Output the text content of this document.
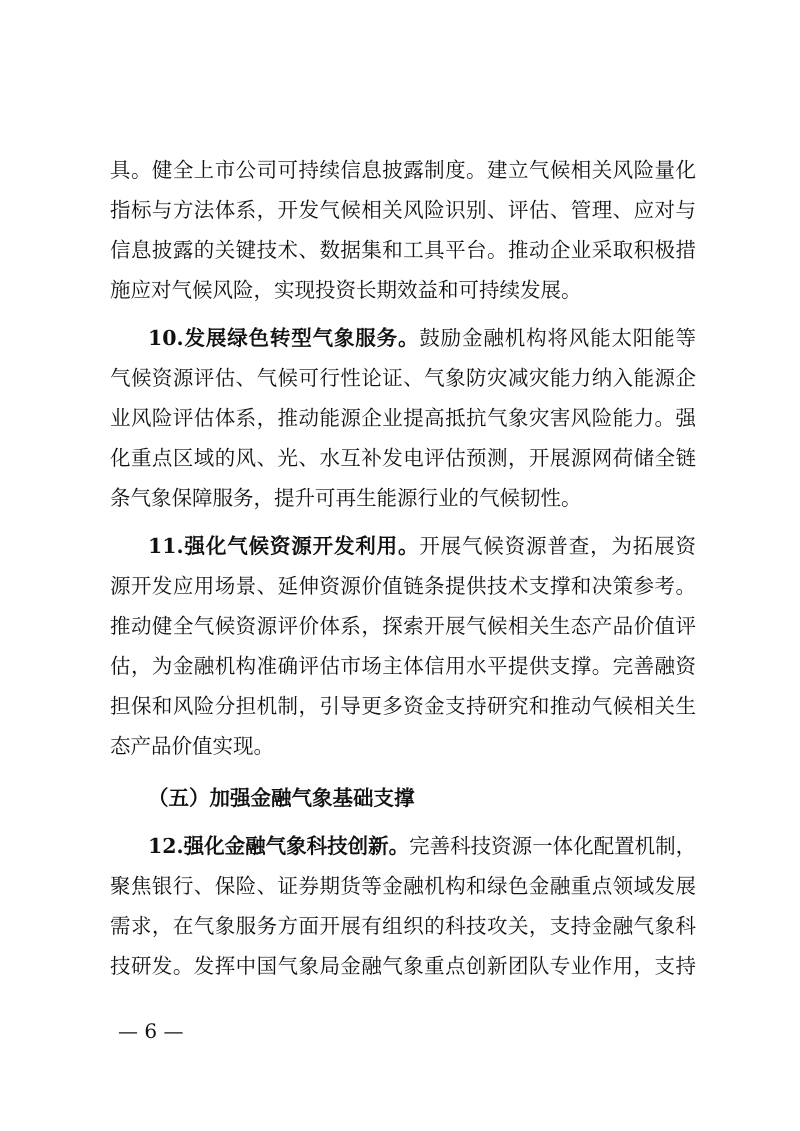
具。健全上市公司可持续信息披露制度。建立气候相关风险量化
指标与方法体系，开发气候相关风险识别、评估、管理、应对与
信息披露的关键技术、数据集和工具平台。推动企业采取积极措
施应对气候风险，实现投资长期效益和可持续发展。
10.发展绿色转型气象服务。鼓励金融机构将风能太阳能等
气候资源评估、气候可行性论证、气象防灾减灾能力纳入能源企
业风险评估体系，推动能源企业提高抵抗气象灾害风险能力。强
化重点区域的风、光、水互补发电评估预测，开展源网荷储全链
条气象保障服务，提升可再生能源行业的气候韧性。
11.强化气候资源开发利用。开展气候资源普查，为拓展资
源开发应用场景、延伸资源价值链条提供技术支撑和决策参考。
推动健全气候资源评价体系，探索开展气候相关生态产品价值评
估，为金融机构准确评估市场主体信用水平提供支撑。完善融资
担保和风险分担机制，引导更多资金支持研究和推动气候相关生
态产品价值实现。
（五）加强金融气象基础支撑
12.强化金融气象科技创新。完善科技资源一体化配置机制，
聚焦银行、保险、证券期货等金融机构和绿色金融重点领域发展
需求，在气象服务方面开展有组织的科技攻关，支持金融气象科
技研发。发挥中国气象局金融气象重点创新团队专业作用，支持
— 6 —
